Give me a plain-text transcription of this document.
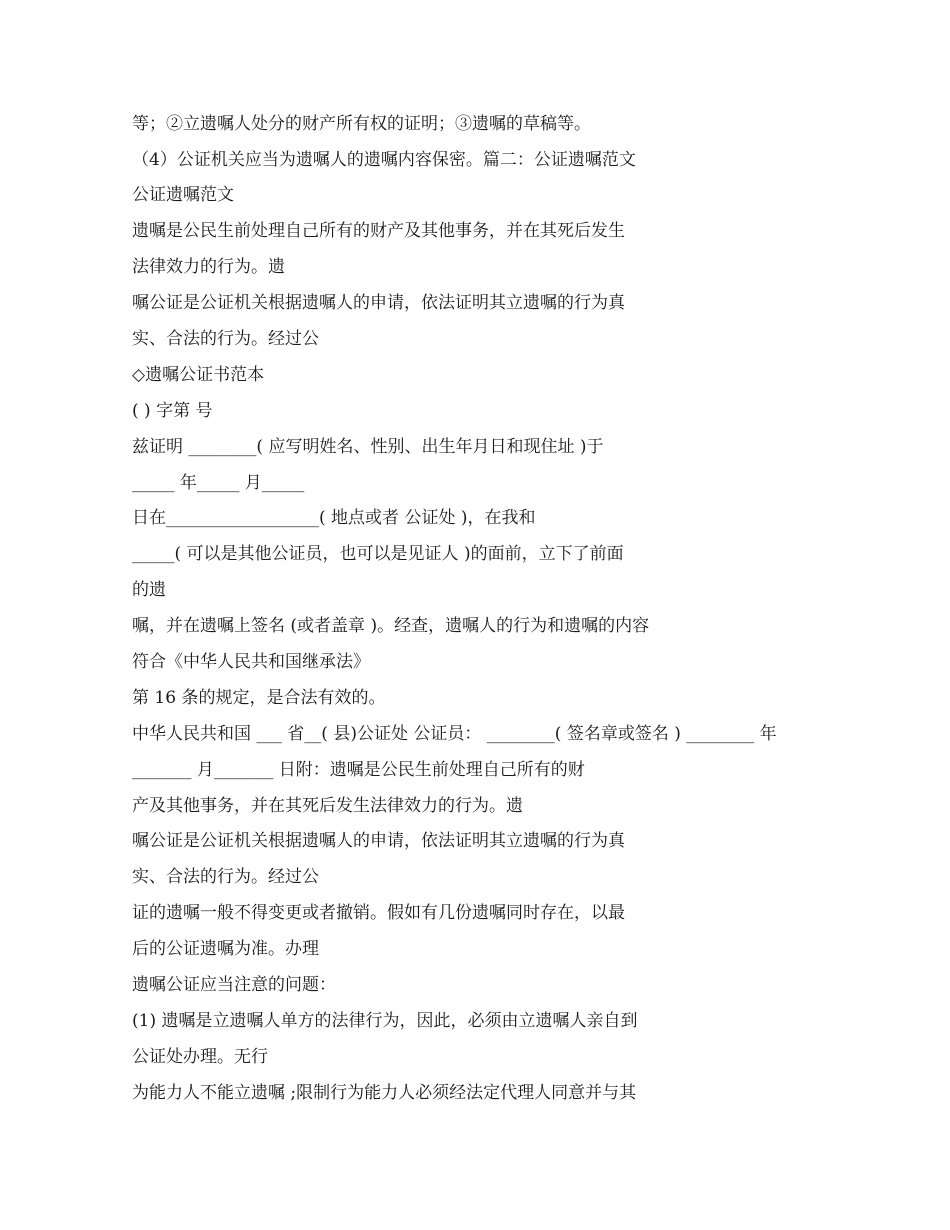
等；②立遗嘱人处分的财产所有权的证明；③遗嘱的草稿等。
（4）公证机关应当为遗嘱人的遗嘱内容保密。篇二：公证遗嘱范文
公证遗嘱范文
遗嘱是公民生前处理自己所有的财产及其他事务，并在其死后发生
法律效力的行为。遗
嘱公证是公证机关根据遗嘱人的申请，依法证明其立遗嘱的行为真
实、合法的行为。经过公
◇遗嘱公证书范本
( ) 字第 号
兹证明 ________( 应写明姓名、性别、出生年月日和现住址 )于
_____ 年_____ 月_____
日在__________________( 地点或者 公证处 )，在我和
_____( 可以是其他公证员，也可以是见证人 )的面前，立下了前面
的遗
嘱，并在遗嘱上签名 (或者盖章 )。经查，遗嘱人的行为和遗嘱的内容
符合《中华人民共和国继承法》
第 16 条的规定，是合法有效的。
中华人民共和国 ___ 省__( 县)公证处 公证员： ________( 签名章或签名 ) ________ 年
_______ 月_______ 日附：遗嘱是公民生前处理自己所有的财
产及其他事务，并在其死后发生法律效力的行为。遗
嘱公证是公证机关根据遗嘱人的申请，依法证明其立遗嘱的行为真
实、合法的行为。经过公
证的遗嘱一般不得变更或者撤销。假如有几份遗嘱同时存在，以最
后的公证遗嘱为准。办理
遗嘱公证应当注意的问题：
(1) 遗嘱是立遗嘱人单方的法律行为，因此，必须由立遗嘱人亲自到
公证处办理。无行
为能力人不能立遗嘱 ;限制行为能力人必须经法定代理人同意并与其
